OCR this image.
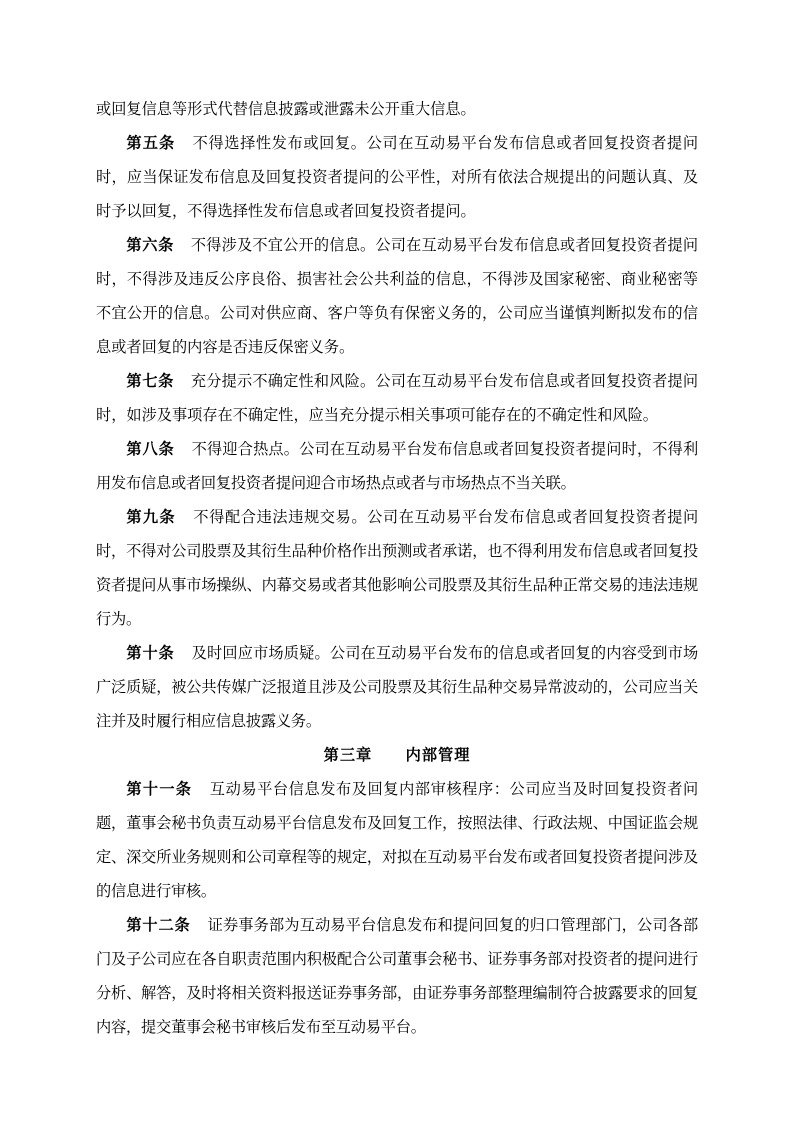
或回复信息等形式代替信息披露或泄露未公开重大信息。

第五条 不得选择性发布或回复。公司在互动易平台发布信息或者回复投资者提问时，应当保证发布信息及回复投资者提问的公平性，对所有依法合规提出的问题认真、及时予以回复，不得选择性发布信息或者回复投资者提问。

第六条 不得涉及不宜公开的信息。公司在互动易平台发布信息或者回复投资者提问时，不得涉及违反公序良俗、损害社会公共利益的信息，不得涉及国家秘密、商业秘密等不宜公开的信息。公司对供应商、客户等负有保密义务的，公司应当谨慎判断拟发布的信息或者回复的内容是否违反保密义务。

第七条 充分提示不确定性和风险。公司在互动易平台发布信息或者回复投资者提问时，如涉及事项存在不确定性，应当充分提示相关事项可能存在的不确定性和风险。

第八条 不得迎合热点。公司在互动易平台发布信息或者回复投资者提问时，不得利用发布信息或者回复投资者提问迎合市场热点或者与市场热点不当关联。

第九条 不得配合违法违规交易。公司在互动易平台发布信息或者回复投资者提问时，不得对公司股票及其衍生品种价格作出预测或者承诺，也不得利用发布信息或者回复投资者提问从事市场操纵、内幕交易或者其他影响公司股票及其衍生品种正常交易的违法违规行为。

第十条 及时回应市场质疑。公司在互动易平台发布的信息或者回复的内容受到市场广泛质疑，被公共传媒广泛报道且涉及公司股票及其衍生品种交易异常波动的，公司应当关注并及时履行相应信息披露义务。

第三章 内部管理

第十一条 互动易平台信息发布及回复内部审核程序：公司应当及时回复投资者问题，董事会秘书负责互动易平台信息发布及回复工作，按照法律、行政法规、中国证监会规定、深交所业务规则和公司章程等的规定，对拟在互动易平台发布或者回复投资者提问涉及的信息进行审核。

第十二条 证券事务部为互动易平台信息发布和提问回复的归口管理部门，公司各部门及子公司应在各自职责范围内积极配合公司董事会秘书、证券事务部对投资者的提问进行分析、解答，及时将相关资料报送证券事务部，由证券事务部整理编制符合披露要求的回复内容，提交董事会秘书审核后发布至互动易平台。
